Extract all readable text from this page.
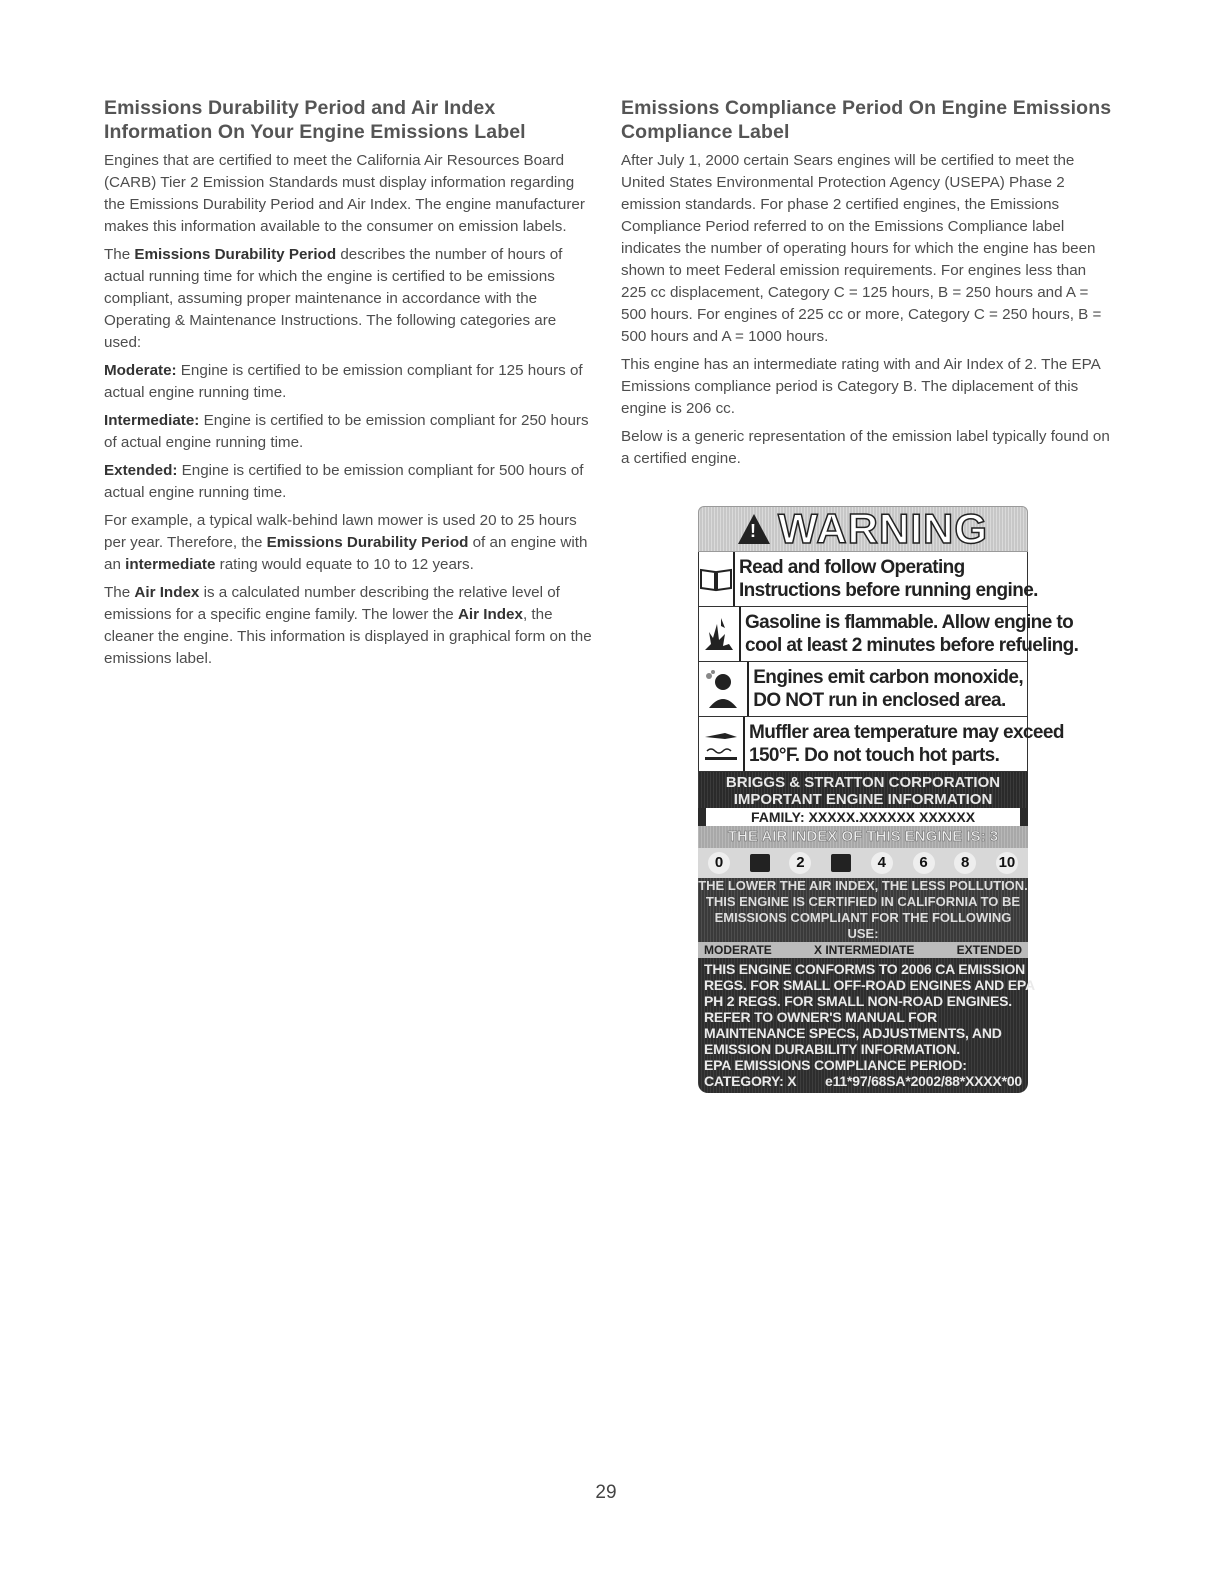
Emissions Durability Period and Air Index Information On Your Engine Emissions Label

Engines that are certified to meet the California Air Resources Board (CARB) Tier 2 Emission Standards must display information regarding the Emissions Durability Period and Air Index. The engine manufacturer makes this information available to the consumer on emission labels.

The Emissions Durability Period describes the number of hours of actual running time for which the engine is certified to be emissions compliant, assuming proper maintenance in accordance with the Operating & Maintenance Instructions. The following categories are used:

Moderate: Engine is certified to be emission compliant for 125 hours of actual engine running time.

Intermediate: Engine is certified to be emission compliant for 250 hours of actual engine running time.

Extended: Engine is certified to be emission compliant for 500 hours of actual engine running time.

For example, a typical walk-behind lawn mower is used 20 to 25 hours per year. Therefore, the Emissions Durability Period of an engine with an intermediate rating would equate to 10 to 12 years.

The Air Index is a calculated number describing the relative level of emissions for a specific engine family. The lower the Air Index, the cleaner the engine. This information is displayed in graphical form on the emissions label.

Emissions Compliance Period On Engine Emissions Compliance Label

After July 1, 2000 certain Sears engines will be certified to meet the United States Environmental Protection Agency (USEPA) Phase 2 emission standards. For phase 2 certified engines, the Emissions Compliance Period referred to on the Emissions Compliance label indicates the number of operating hours for which the engine has been shown to meet Federal emission requirements. For engines less than 225 cc displacement, Category C = 125 hours, B = 250 hours and A = 500 hours. For engines of 225 cc or more, Category C = 250 hours, B = 500 hours and A = 1000 hours.

This engine has an intermediate rating with and Air Index of 2. The EPA Emissions compliance period is Category B. The diplacement of this engine is 206 cc.

Below is a generic representation of the emission label typically found on a certified engine.

! WARNING
Read and follow Operating
Instructions before running engine.
Gasoline is flammable. Allow engine to
cool at least 2 minutes before refueling.
Engines emit carbon monoxide,
DO NOT run in enclosed area.
Muffler area temperature may exceed
150°F. Do not touch hot parts.
BRIGGS & STRATTON CORPORATION
IMPORTANT ENGINE INFORMATION
FAMILY: XXXXX.XXXXXX XXXXXX
THE AIR INDEX OF THIS ENGINE IS: 3
0	2	4	6	8	10
THE LOWER THE AIR INDEX, THE LESS POLLUTION.
THIS ENGINE IS CERTIFIED IN CALIFORNIA TO BE
EMISSIONS COMPLIANT FOR THE FOLLOWING USE:
MODERATE	X INTERMEDIATE	EXTENDED
THIS ENGINE CONFORMS TO 2006 CA EMISSION
REGS. FOR SMALL OFF-ROAD ENGINES AND EPA
PH 2 REGS. FOR SMALL NON-ROAD ENGINES.
REFER TO OWNER'S MANUAL FOR
MAINTENANCE SPECS, ADJUSTMENTS, AND
EMISSION DURABILITY INFORMATION.
EPA EMISSIONS COMPLIANCE PERIOD:
CATEGORY: X e11*97/68SA*2002/88*XXXX*00
29
